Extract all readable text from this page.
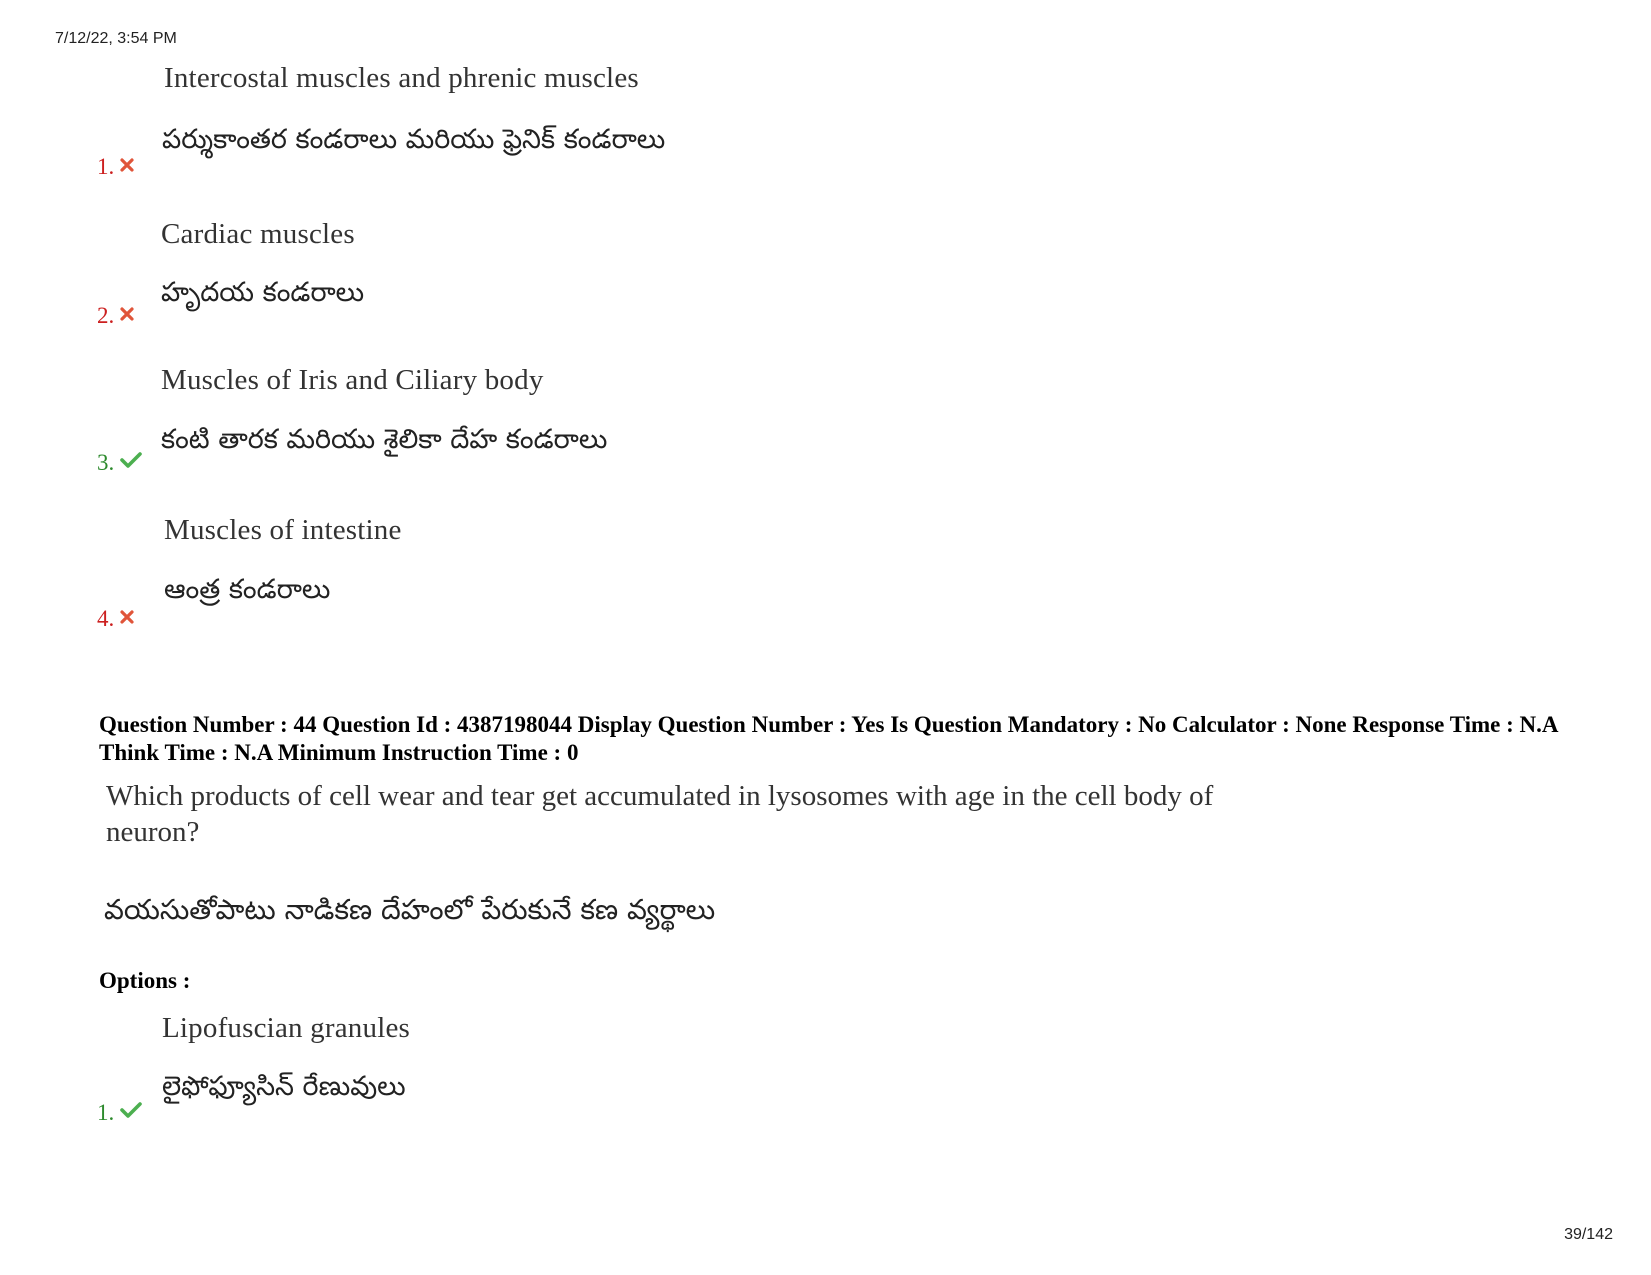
7/12/22, 3:54 PM
Intercostal muscles and phrenic muscles
పర్శుకాంతర కండరాలు మరియు ఫ్రెనిక్ కండరాలు
1.
Cardiac muscles
హృదయ కండరాలు
2.
Muscles of Iris and Ciliary body
కంటి తారక మరియు శైలికా దేహ కండరాలు
3.
Muscles of intestine
ఆంత్ర కండరాలు
4.
Question Number : 44 Question Id : 4387198044 Display Question Number : Yes Is Question Mandatory : No Calculator : None Response Time : N.A Think Time : N.A Minimum Instruction Time : 0
Which products of cell wear and tear get accumulated in lysosomes with age in the cell body of neuron?
వయసుతోపాటు నాడికణ దేహంలో పేరుకునే కణ వ్యర్థాలు
Options :
Lipofuscian granules
లైఫోఫ్యూసిన్ రేణువులు
1.
39/142
